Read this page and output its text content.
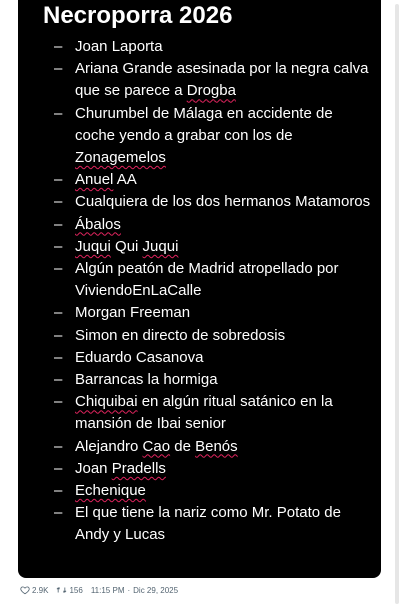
Necroporra 2026
– Joan Laporta
– Ariana Grande asesinada por la negra calva que se parece a Drogba
– Churumbel de Málaga en accidente de coche yendo a grabar con los de Zonagemelos
– Anuel AA
– Cualquiera de los dos hermanos Matamoros
– Ábalos
– Juqui Qui Juqui
– Algún peatón de Madrid atropellado por ViviendoEnLaCalle
– Morgan Freeman
– Simon en directo de sobredosis
– Eduardo Casanova
– Barrancas la hormiga
– Chiquibai en algún ritual satánico en la mansión de Ibai senior
– Alejandro Cao de Benós
– Joan Pradells
– Echenique
– El que tiene la nariz como Mr. Potato de Andy y Lucas
2.9K	156 11:15 PM · Dic 29, 2025
